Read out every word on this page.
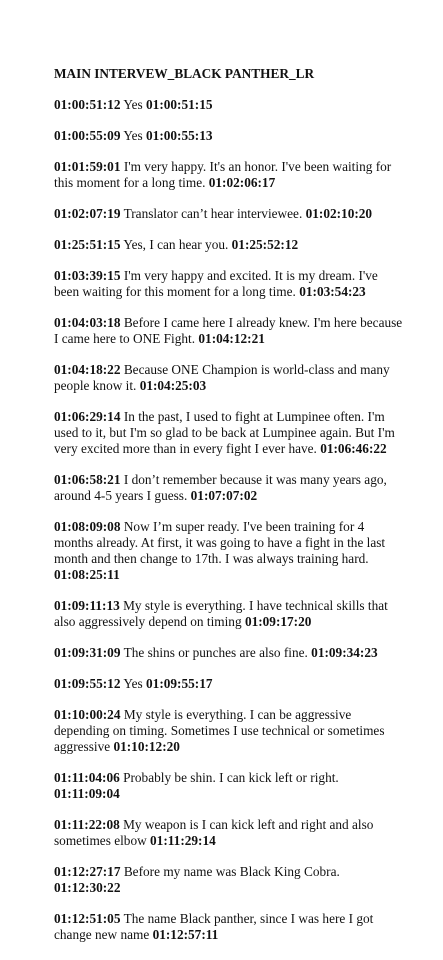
MAIN INTERVEW_BLACK PANTHER_LR
01:00:51:12 Yes 01:00:51:15
01:00:55:09 Yes 01:00:55:13
01:01:59:01 I'm very happy. It's an honor. I've been waiting for this moment for a long time. 01:02:06:17
01:02:07:19 Translator can’t hear interviewee. 01:02:10:20
01:25:51:15 Yes, I can hear you. 01:25:52:12
01:03:39:15 I'm very happy and excited. It is my dream. I've been waiting for this moment for a long time. 01:03:54:23
01:04:03:18 Before I came here I already knew. I'm here because I came here to ONE Fight. 01:04:12:21
01:04:18:22 Because ONE Champion is world-class and many people know it. 01:04:25:03
01:06:29:14 In the past, I used to fight at Lumpinee often. I'm used to it, but I'm so glad to be back at Lumpinee again. But I'm very excited more than in every fight I ever have. 01:06:46:22
01:06:58:21 I don’t remember because it was many years ago, around 4-5 years I guess. 01:07:07:02
01:08:09:08 Now I’m super ready. I've been training for 4 months already. At first, it was going to have a fight in the last month and then change to 17th. I was always training hard. 01:08:25:11
01:09:11:13 My style is everything. I have technical skills that also aggressively depend on timing 01:09:17:20
01:09:31:09 The shins or punches are also fine. 01:09:34:23
01:09:55:12 Yes 01:09:55:17
01:10:00:24 My style is everything. I can be aggressive depending on timing. Sometimes I use technical or sometimes aggressive 01:10:12:20
01:11:04:06 Probably be shin. I can kick left or right. 01:11:09:04
01:11:22:08 My weapon is I can kick left and right and also sometimes elbow 01:11:29:14
01:12:27:17 Before my name was Black King Cobra. 01:12:30:22
01:12:51:05 The name Black panther, since I was here I got change new name 01:12:57:11
